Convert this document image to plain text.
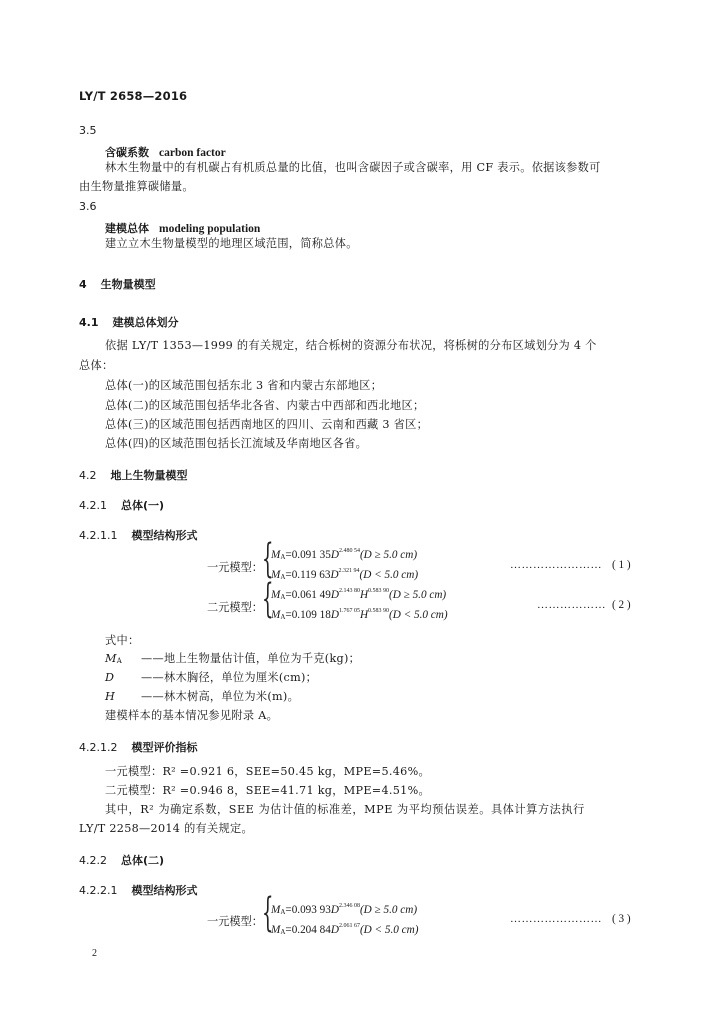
LY/T 2658—2016
3.5
含碳系数 carbon factor
林木生物量中的有机碳占有机质总量的比值，也叫含碳因子或含碳率，用 CF 表示。依据该参数可
由生物量推算碳储量。
3.6
建模总体 modeling population
建立立木生物量模型的地理区域范围，简称总体。
4 生物量模型
4.1 建模总体划分
依据 LY/T 1353—1999 的有关规定，结合栎树的资源分布状况，将栎树的分布区域划分为 4 个
总体：
总体(一)的区域范围包括东北 3 省和内蒙古东部地区；
总体(二)的区域范围包括华北各省、内蒙古中西部和西北地区；
总体(三)的区域范围包括西南地区的四川、云南和西藏 3 省区；
总体(四)的区域范围包括长江流域及华南地区各省。
4.2 地上生物量模型
4.2.1 总体(一)
4.2.1.1 模型结构形式
一元模型： {
MA=0.091 $35D^{2.480 54}(D \ge 5.0$ cm)
MA=0.119 $63D^{2.321 94}(D < 5.0$ cm)
…………………… ( 1 )
二元模型： {
MA=0.061 $49D^{2.143 80}H^{0.583 90}(D \ge 5.0$ cm)
MA=0.109 $18D^{1.767 05}H^{0.583 90}(D < 5.0$ cm)
……………… ( 2 )
式中：
MA ——地上生物量估计值，单位为千克(kg)；
D ——林木胸径，单位为厘米(cm)；
H ——林木树高，单位为米(m)。
建模样本的基本情况参见附录 A。
4.2.1.2 模型评价指标
一元模型：R² =0.921 6，SEE=50.45 kg，MPE=5.46%。
二元模型：R² =0.946 8，SEE=41.71 kg，MPE=4.51%。
其中，R² 为确定系数，SEE 为估计值的标准差，MPE 为平均预估误差。具体计算方法执行
LY/T 2258—2014 的有关规定。
4.2.2 总体(二)
4.2.2.1 模型结构形式
一元模型： {
MA=0.093 $93D^{2.346 08}(D \ge 5.0$ cm)
MA=0.204 $84D^{2.061 67}(D < 5.0$ cm)
…………………… ( 3 )
2
